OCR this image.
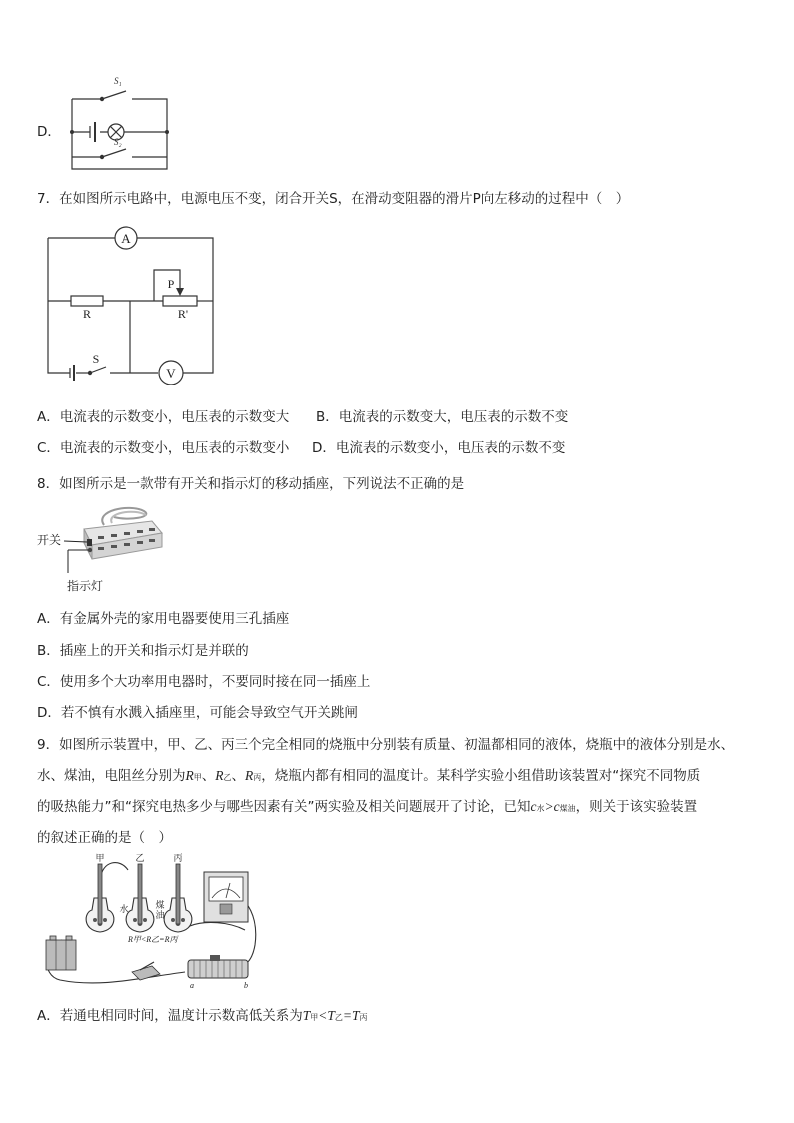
D．
S₁
S₂
7．在如图所示电路中，电源电压不变，闭合开关S，在滑动变阻器的滑片P向左移动的过程中（　）
A
V
R	R'
P
S
A．电流表的示数变小，电压表的示数变大 B．电流表的示数变大，电压表的示数不变
C．电流表的示数变小，电压表的示数变小 D．电流表的示数变小，电压表的示数不变
8．如图所示是一款带有开关和指示灯的移动插座，下列说法不正确的是
开关
指示灯
A．有金属外壳的家用电器要使用三孔插座
B．插座上的开关和指示灯是并联的
C．使用多个大功率用电器时，不要同时接在同一插座上
D．若不慎有水溅入插座里，可能会导致空气开关跳闸
9．如图所示装置中，甲、乙、丙三个完全相同的烧瓶中分别装有质量、初温都相同的液体，烧瓶中的液体分别是水、
水、煤油，电阻丝分别为R甲、R乙、R丙，烧瓶内都有相同的温度计。某科学实验小组借助该装置对“探究不同物质
的吸热能力”和“探究电热多少与哪些因素有关”两实验及相关问题展开了讨论，已知c水>c煤油，则关于该实验装置
的叙述正确的是（　）
甲	乙	丙
水	煤
油
R甲<R乙=R丙
a	b
A．若通电相同时间，温度计示数高低关系为T甲<T乙=T丙
